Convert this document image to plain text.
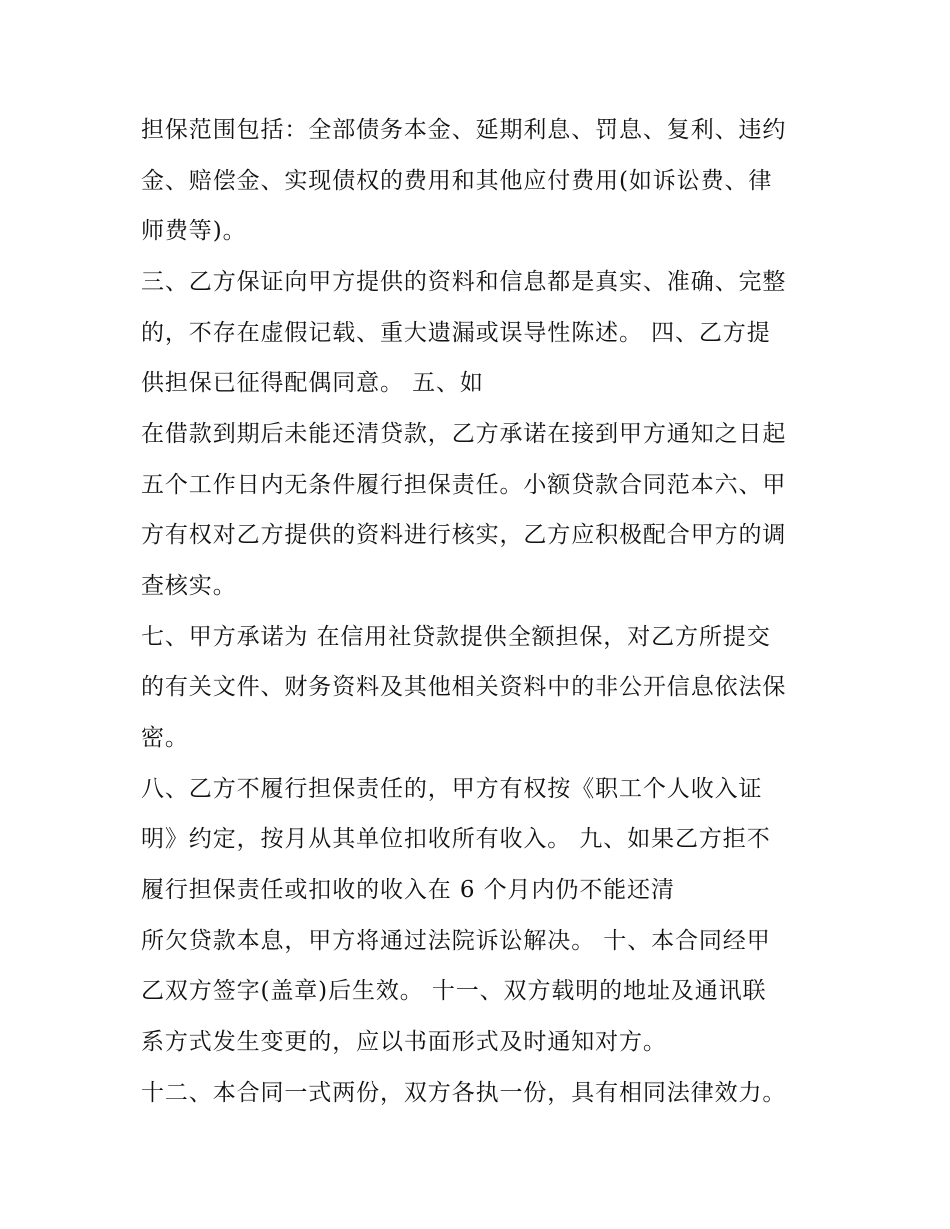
担保范围包括：全部债务本金、延期利息、罚息、复利、违约
金、赔偿金、实现债权的费用和其他应付费用(如诉讼费、律
师费等)。
三、乙方保证向甲方提供的资料和信息都是真实、准确、完整
的，不存在虚假记载、重大遗漏或误导性陈述。 四、乙方提
供担保已征得配偶同意。 五、如
在借款到期后未能还清贷款，乙方承诺在接到甲方通知之日起
五个工作日内无条件履行担保责任。小额贷款合同范本六、甲
方有权对乙方提供的资料进行核实，乙方应积极配合甲方的调
查核实。
七、甲方承诺为 在信用社贷款提供全额担保，对乙方所提交
的有关文件、财务资料及其他相关资料中的非公开信息依法保
密。
八、乙方不履行担保责任的，甲方有权按《职工个人收入证
明》约定，按月从其单位扣收所有收入。 九、如果乙方拒不
履行担保责任或扣收的收入在 6 个月内仍不能还清
所欠贷款本息，甲方将通过法院诉讼解决。 十、本合同经甲
乙双方签字(盖章)后生效。 十一、双方载明的地址及通讯联
系方式发生变更的，应以书面形式及时通知对方。
十二、本合同一式两份，双方各执一份，具有相同法律效力。
